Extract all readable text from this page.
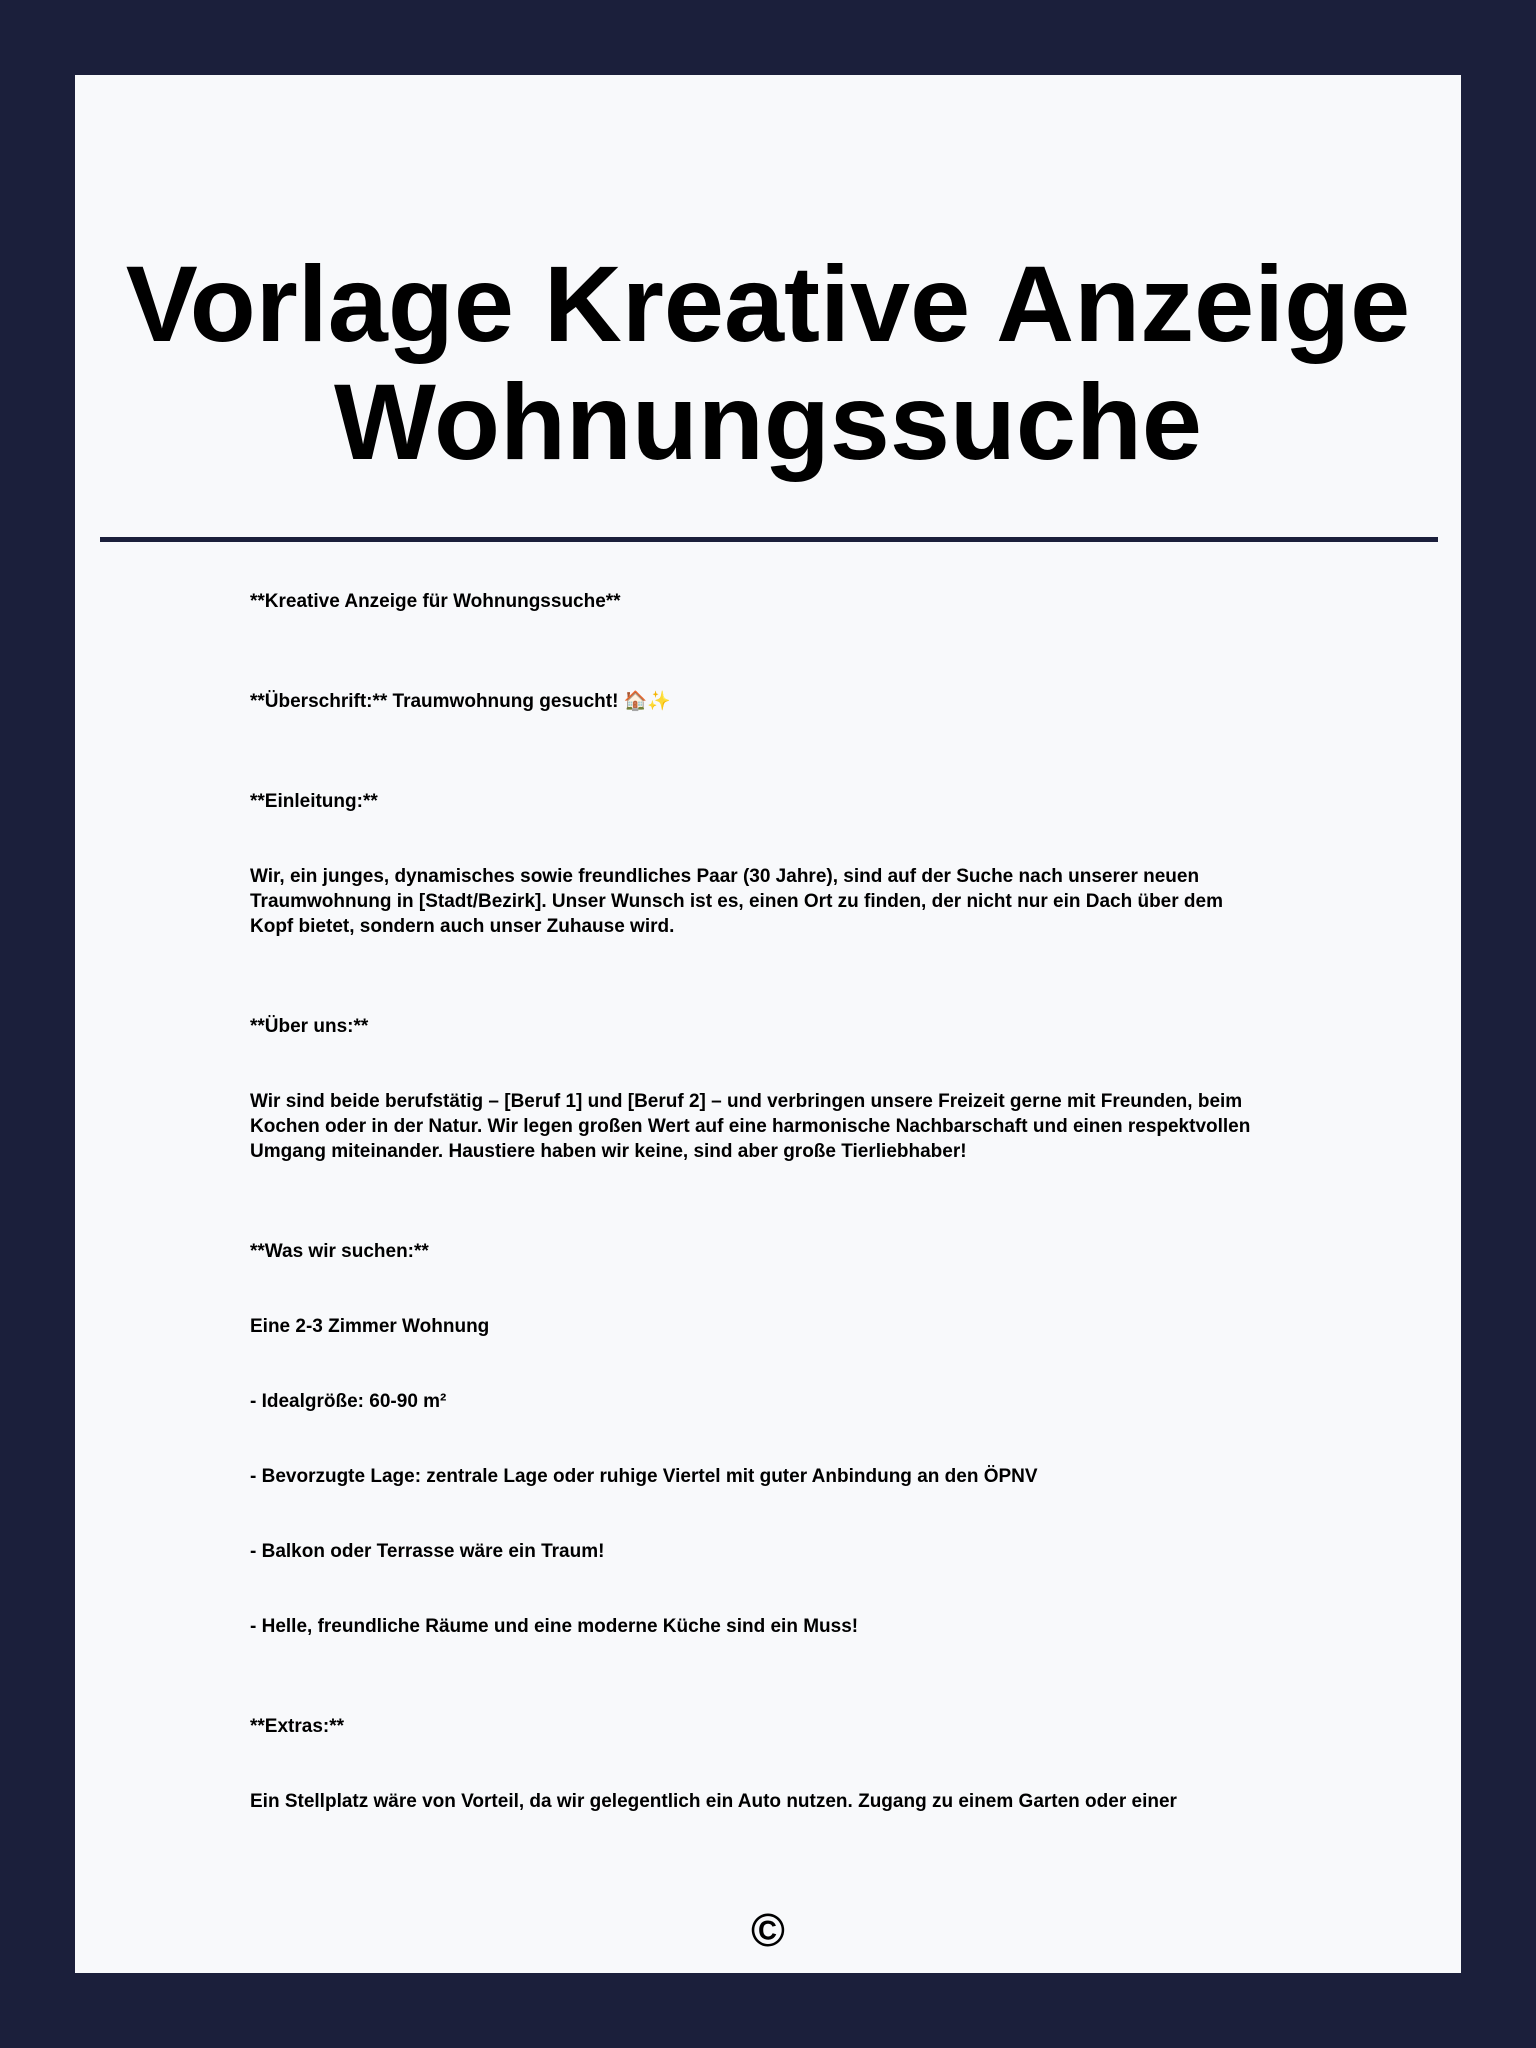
Vorlage Kreative Anzeige
Wohnungssuche

**Kreative Anzeige für Wohnungssuche**

**Überschrift:** Traumwohnung gesucht! 🏠✨

**Einleitung:**

Wir, ein junges, dynamisches sowie freundliches Paar (30 Jahre), sind auf der Suche nach unserer neuen Traumwohnung in [Stadt/Bezirk]. Unser Wunsch ist es, einen Ort zu finden, der nicht nur ein Dach über dem Kopf bietet, sondern auch unser Zuhause wird.

**Über uns:**

Wir sind beide berufstätig – [Beruf 1] und [Beruf 2] – und verbringen unsere Freizeit gerne mit Freunden, beim Kochen oder in der Natur. Wir legen großen Wert auf eine harmonische Nachbarschaft und einen respektvollen Umgang miteinander. Haustiere haben wir keine, sind aber große Tierliebhaber!

**Was wir suchen:**

Eine 2-3 Zimmer Wohnung

- Idealgröße: 60-90 m²

- Bevorzugte Lage: zentrale Lage oder ruhige Viertel mit guter Anbindung an den ÖPNV

- Balkon oder Terrasse wäre ein Traum!

- Helle, freundliche Räume und eine moderne Küche sind ein Muss!

**Extras:**

Ein Stellplatz wäre von Vorteil, da wir gelegentlich ein Auto nutzen. Zugang zu einem Garten oder einer

©
